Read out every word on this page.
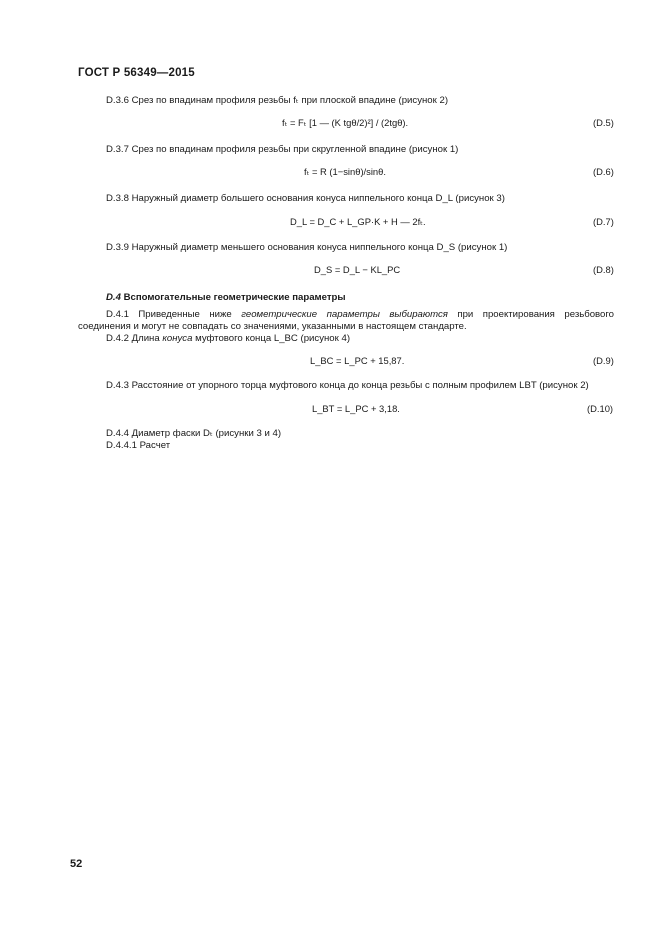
ГОСТ Р 56349—2015
D.3.6 Срез по впадинам профиля резьбы fₜ при плоской впадине (рисунок 2)
fₜ = Fₜ [1 — (K tgθ/2)²] / (2tgθ).	(D.5)
D.3.7 Срез по впадинам профиля резьбы при скругленной впадине (рисунок 1)
fₜ = R (1−sinθ)/sinθ.	(D.6)
D.3.8 Наружный диаметр большего основания конуса ниппельного конца D_L (рисунок 3)
D_L = D_C + L_GP·K + H — 2fₜ.	(D.7)
D.3.9 Наружный диаметр меньшего основания конуса ниппельного конца D_S (рисунок 1)
D_S = D_L − KL_PC	(D.8)
D.4 Вспомогательные геометрические параметры
D.4.1 Приведенные ниже геометрические параметры выбираются при проектирования резьбового соединения и могут не совпадать со значениями, указанными в настоящем стандарте.
D.4.2 Длина конуса муфтового конца L_BC (рисунок 4)
L_BC = L_PC + 15,87.	(D.9)
D.4.3 Расстояние от упорного торца муфтового конца до конца резьбы с полным профилем LBT (рисунок 2)
L_BT = L_PC + 3,18.	(D.10)
D.4.4 Диаметр фаски Dₜ (рисунки 3 и 4)
D.4.4.1 Расчет
52
